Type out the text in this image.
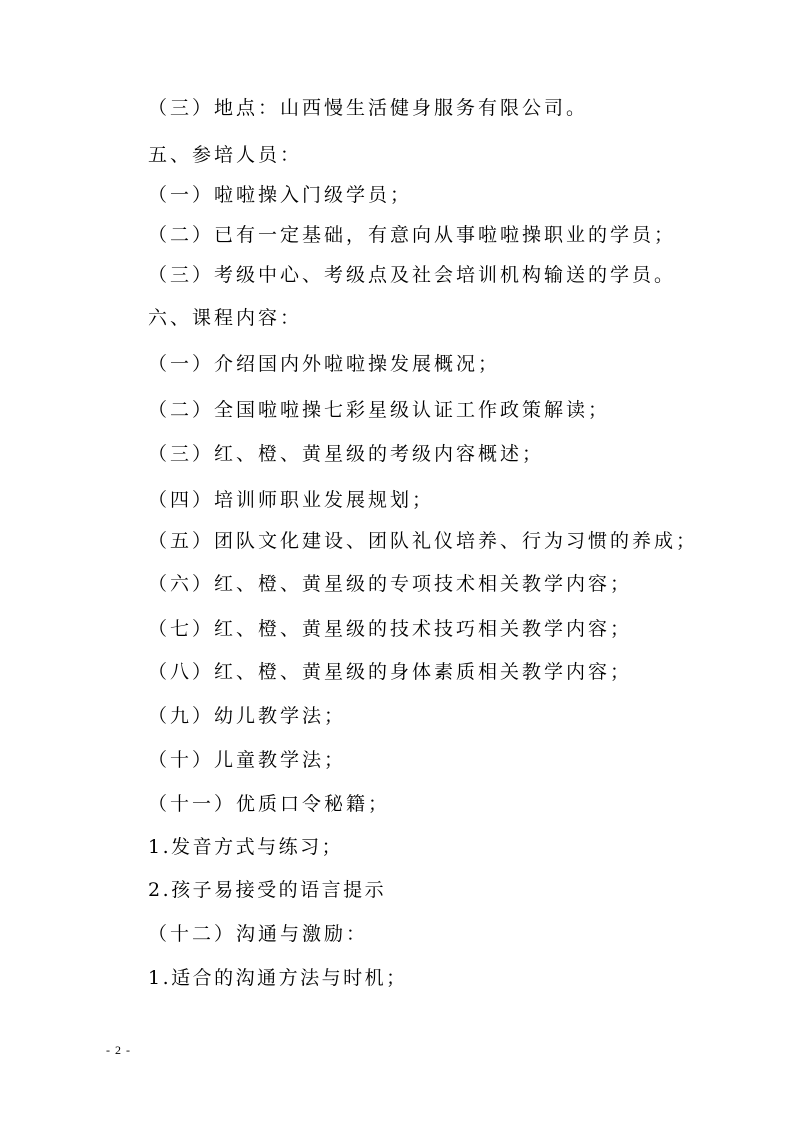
（三）地点：山西慢生活健身服务有限公司。
五、参培人员：
（一）啦啦操入门级学员；
（二）已有一定基础，有意向从事啦啦操职业的学员；
（三）考级中心、考级点及社会培训机构输送的学员。
六、课程内容：
（一）介绍国内外啦啦操发展概况；
（二）全国啦啦操七彩星级认证工作政策解读；
（三）红、橙、黄星级的考级内容概述；
（四）培训师职业发展规划；
（五）团队文化建设、团队礼仪培养、行为习惯的养成；
（六）红、橙、黄星级的专项技术相关教学内容；
（七）红、橙、黄星级的技术技巧相关教学内容；
（八）红、橙、黄星级的身体素质相关教学内容；
（九）幼儿教学法；
（十）儿童教学法；
（十一）优质口令秘籍；
1.发音方式与练习；
2.孩子易接受的语言提示
（十二）沟通与激励：
1.适合的沟通方法与时机；
- 2 -
